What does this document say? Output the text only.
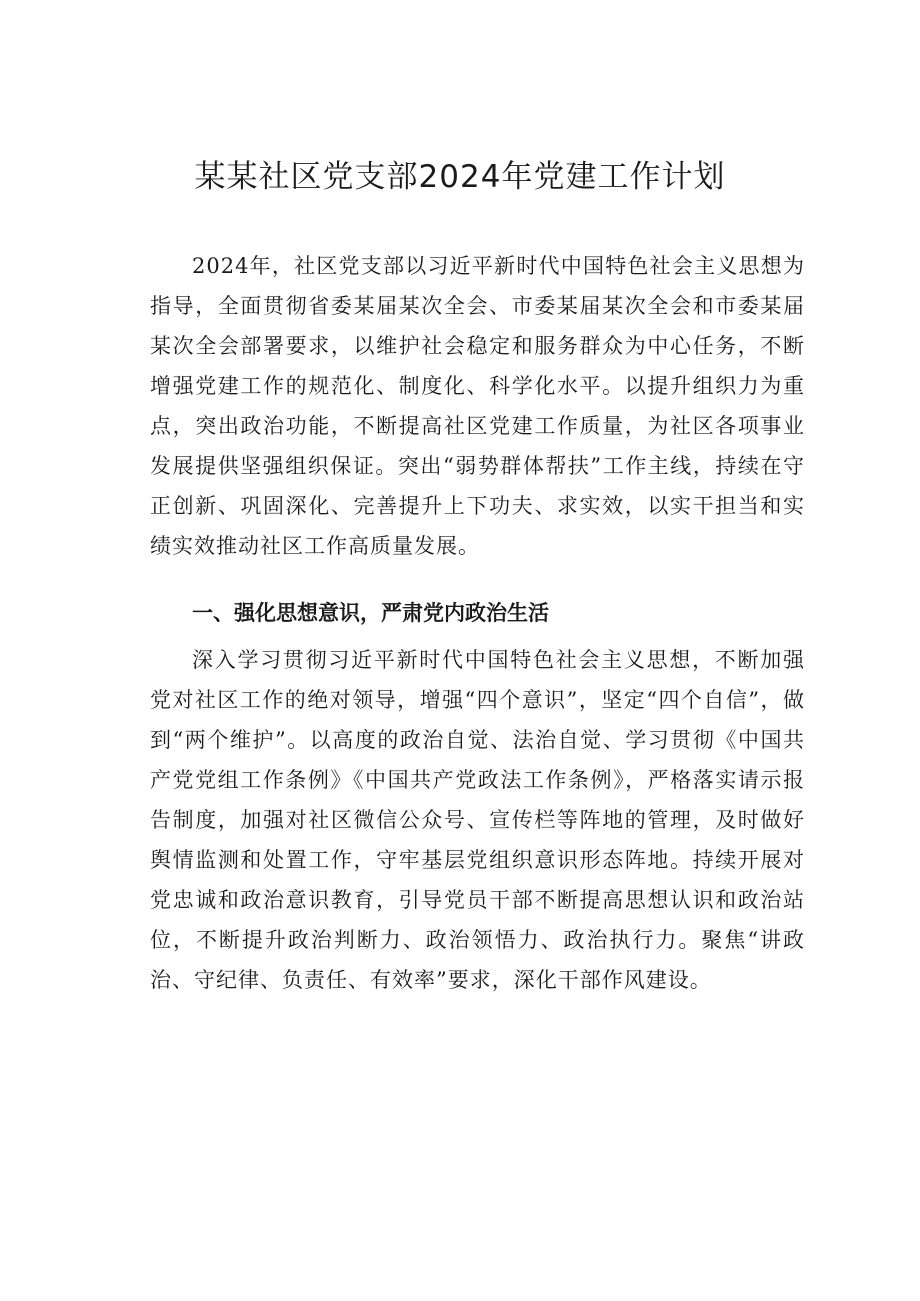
某某社区党支部2024年党建工作计划

2024年，社区党支部以习近平新时代中国特色社会主义思想为指导，全面贯彻省委某届某次全会、市委某届某次全会和市委某届某次全会部署要求，以维护社会稳定和服务群众为中心任务，不断增强党建工作的规范化、制度化、科学化水平。以提升组织力为重点，突出政治功能，不断提高社区党建工作质量，为社区各项事业发展提供坚强组织保证。突出“弱势群体帮扶”工作主线，持续在守正创新、巩固深化、完善提升上下功夫、求实效，以实干担当和实绩实效推动社区工作高质量发展。

一、强化思想意识，严肃党内政治生活

深入学习贯彻习近平新时代中国特色社会主义思想，不断加强党对社区工作的绝对领导，增强“四个意识”，坚定“四个自信”，做到“两个维护”。以高度的政治自觉、法治自觉、学习贯彻《中国共产党党组工作条例》《中国共产党政法工作条例》，严格落实请示报告制度，加强对社区微信公众号、宣传栏等阵地的管理，及时做好舆情监测和处置工作，守牢基层党组织意识形态阵地。持续开展对党忠诚和政治意识教育，引导党员干部不断提高思想认识和政治站位，不断提升政治判断力、政治领悟力、政治执行力。聚焦“讲政治、守纪律、负责任、有效率”要求，深化干部作风建设。
